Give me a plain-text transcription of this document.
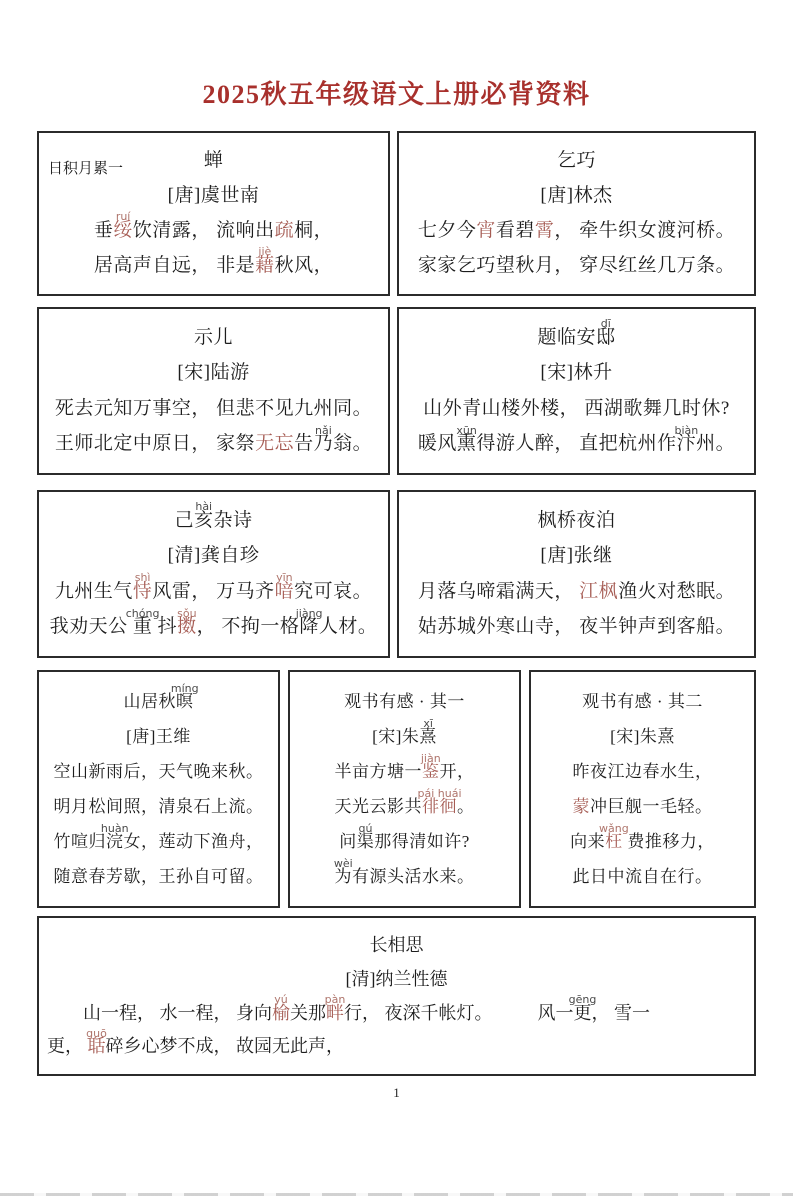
2025秋五年级语文上册必背资料
日积月累一	蝉
[唐]虞世南
垂
ruí
绥饮清露， 流响出疏桐，
居高声自远， 非是
jiè
藉秋风，
乞巧
[唐]林杰
七夕今宵看碧霄， 牵牛织女渡河桥。
家家乞巧望秋月， 穿尽红丝几万条。
示儿
[宋]陆游
死去元知万事空， 但悲不见九州同。
王师北定中原日， 家祭无忘告
nǎi
乃翁。
题临安
dī
邸
[宋]林升
山外青山楼外楼， 西湖歌舞几时休?
暖风
xūn
熏得游人醉， 直把杭州作
biàn
汴州。
己
hài
亥杂诗
[清]龚自珍
九州生气
shì
恃风雷， 万马齐
yīn
喑究可哀。
我劝天公
chóng
重 抖
sǒu
擞， 不拘一格
jiàng
降人材。
枫桥夜泊
[唐]张继
月落乌啼霜满天， 江枫渔火对愁眠。
姑苏城外寒山寺， 夜半钟声到客船。
山居秋
míng
暝
[唐]王维
空山新雨后，天气晚来秋。
明月松间照，清泉石上流。
竹喧归
huàn
浣女，莲动下渔舟，
随意春芳歇，王孙自可留。
观书有感 · 其一
[宋]朱
xī
熹
半亩方塘一
jiàn
鉴开，
天光云影共
pái huái
徘徊。
问
qú
渠那得清如许?
wèi
为有源头活水来。
观书有感 · 其二
[宋]朱熹
昨夜江边春水生，
蒙冲巨舰一毛轻。
向来
wǎng
枉 费推移力，
此日中流自在行。
长相思
[清]纳兰性德
　　山一程， 水一程， 身向
yú
榆关那
pàn
畔行， 夜深千帐灯。　　　风一
gēng
更， 雪一
更，
guō
聒碎乡心梦不成， 故园无此声，
1
